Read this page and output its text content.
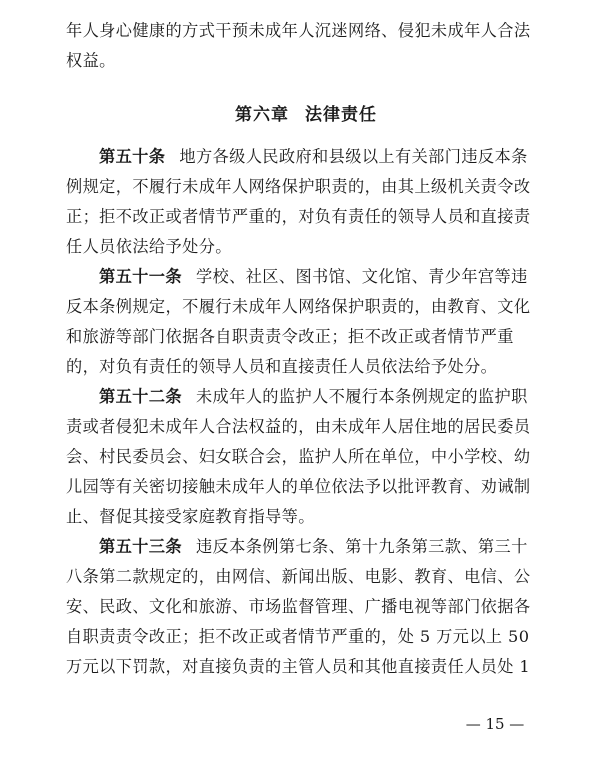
年人身心健康的方式干预未成年人沉迷网络、侵犯未成年人合法
权益。
第六章 法律责任
第五十条 地方各级人民政府和县级以上有关部门违反本条
例规定，不履行未成年人网络保护职责的，由其上级机关责令改
正；拒不改正或者情节严重的，对负有责任的领导人员和直接责
任人员依法给予处分。
第五十一条 学校、社区、图书馆、文化馆、青少年宫等违
反本条例规定，不履行未成年人网络保护职责的，由教育、文化
和旅游等部门依据各自职责责令改正；拒不改正或者情节严重
的，对负有责任的领导人员和直接责任人员依法给予处分。
第五十二条 未成年人的监护人不履行本条例规定的监护职
责或者侵犯未成年人合法权益的，由未成年人居住地的居民委员
会、村民委员会、妇女联合会，监护人所在单位，中小学校、幼
儿园等有关密切接触未成年人的单位依法予以批评教育、劝诫制
止、督促其接受家庭教育指导等。
第五十三条 违反本条例第七条、第十九条第三款、第三十
八条第二款规定的，由网信、新闻出版、电影、教育、电信、公
安、民政、文化和旅游、市场监督管理、广播电视等部门依据各
自职责责令改正；拒不改正或者情节严重的，处 5 万元以上 50
万元以下罚款，对直接负责的主管人员和其他直接责任人员处 1
— 15 —
